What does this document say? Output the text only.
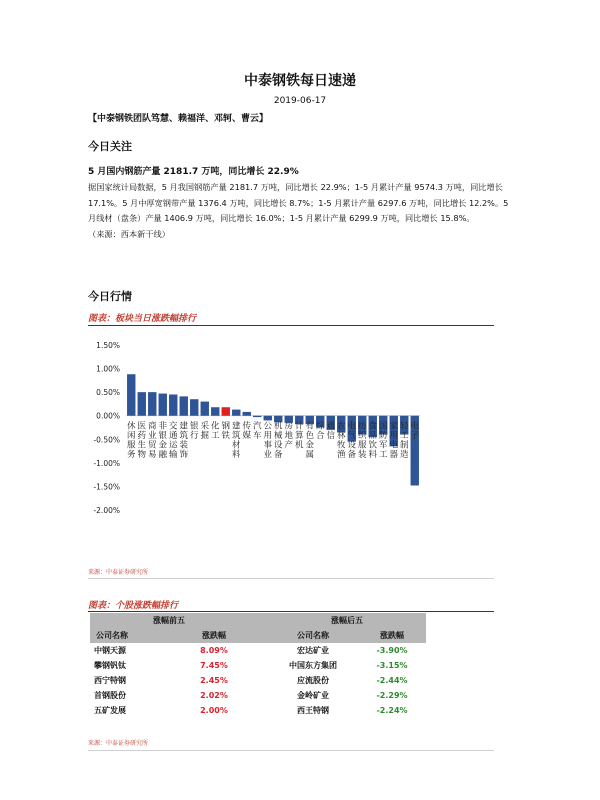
中泰钢铁每日速递
2019-06-17
【中泰钢铁团队笃慧、赖福洋、邓轲、曹云】
今日关注
5 月国内钢筋产量 2181.7 万吨，同比增长 22.9%
据国家统计局数据，5 月我国钢筋产量 2181.7 万吨，同比增长 22.9%；1-5 月累计产量 9574.3 万吨，同比增长 17.1%。5 月中厚宽钢带产量 1376.4 万吨，同比增长 8.7%；1-5 月累计产量 6297.6 万吨，同比增长 12.2%。5 月线材（盘条）产量 1406.9 万吨，同比增长 16.0%；1-5 月累计产量 6299.9 万吨，同比增长 15.8%。
（来源：西本新干线）
今日行情
图表：板块当日涨跌幅排行
1.50%
1.00%
0.50%
0.00%
-0.50%
-1.00%
-1.50%
-2.00%
休闲服务
医药生物
商业贸易
非银金融
交通运输
建筑装饰
银行
采掘
化工
钢铁
建筑材料
传媒
汽车
公用事业
机械设备
房地产
计算机
有色金属
综合
通信
农林牧渔
电气设备
纺织服装
食品饮料
国防军工
家用电器
轻工制造
电子
来源：中泰证券研究所
图表：个股涨跌幅排行
涨幅前五			涨幅后五	
公司名称	涨跌幅		公司名称	涨跌幅
中钢天源	8.09%		宏达矿业	-3.90%
攀钢钒钛	7.45%		中国东方集团	-3.15%
西宁特钢	2.45%		应流股份	-2.44%
首钢股份	2.02%		金岭矿业	-2.29%
五矿发展	2.00%		西王特钢	-2.24%
来源：中泰证券研究所
